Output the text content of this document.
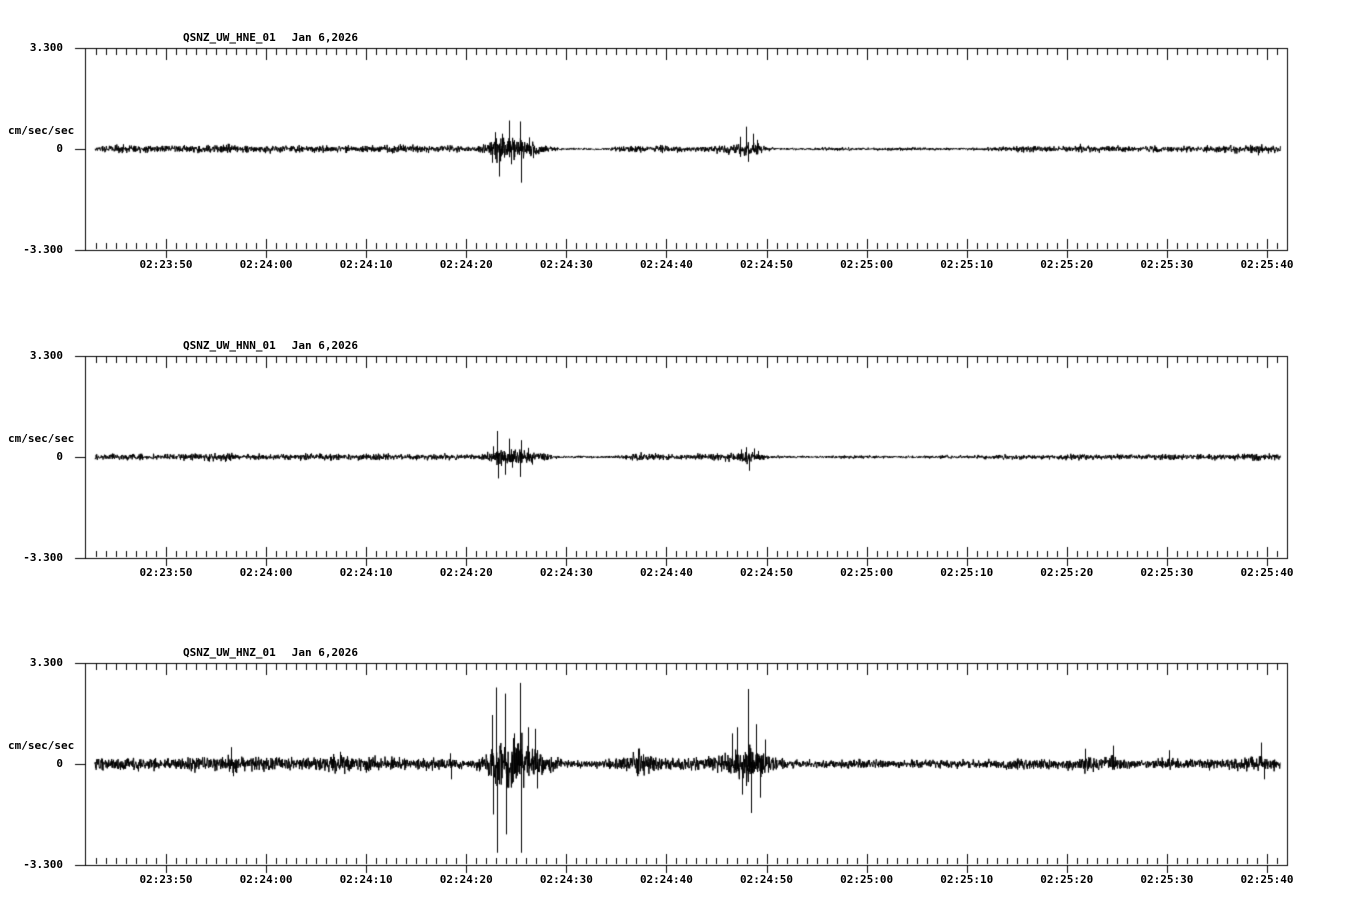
QSNZ_UW_HNE_01 Jan 6,2026
3.300
cm/sec/sec
0
-3.300
02:23:50	02:24:00	02:24:10	02:24:20	02:24:30	02:24:40	02:24:50	02:25:00	02:25:10	02:25:20	02:25:30	02:25:40
QSNZ_UW_HNN_01 Jan 6,2026
3.300
cm/sec/sec
0
-3.300
02:23:50	02:24:00	02:24:10	02:24:20	02:24:30	02:24:40	02:24:50	02:25:00	02:25:10	02:25:20	02:25:30	02:25:40
QSNZ_UW_HNZ_01 Jan 6,2026
3.300
cm/sec/sec
0
-3.300
02:23:50	02:24:00	02:24:10	02:24:20	02:24:30	02:24:40	02:24:50	02:25:00	02:25:10	02:25:20	02:25:30	02:25:40
